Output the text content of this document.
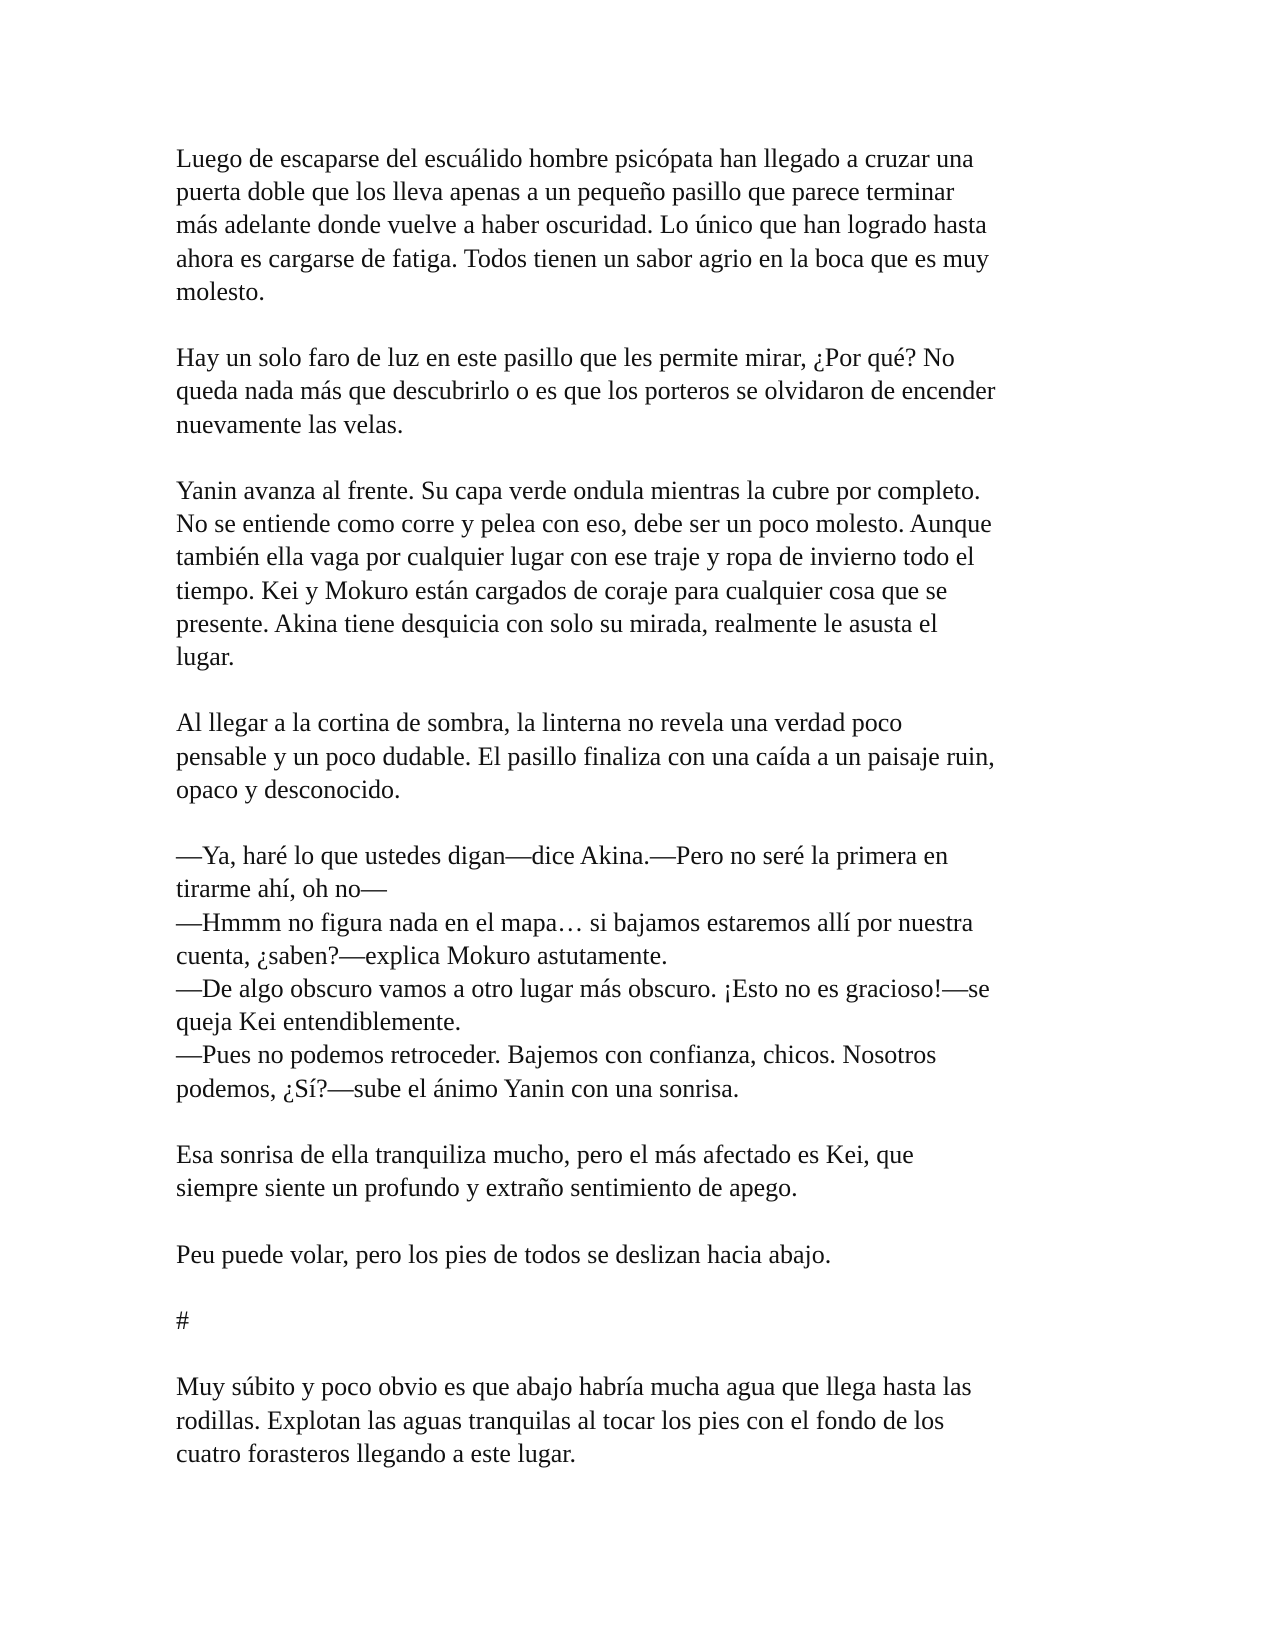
Luego de escaparse del escuálido hombre psicópata han llegado a cruzar una
puerta doble que los lleva apenas a un pequeño pasillo que parece terminar
más adelante donde vuelve a haber oscuridad. Lo único que han logrado hasta
ahora es cargarse de fatiga. Todos tienen un sabor agrio en la boca que es muy
molesto.
Hay un solo faro de luz en este pasillo que les permite mirar, ¿Por qué? No
queda nada más que descubrirlo o es que los porteros se olvidaron de encender
nuevamente las velas.
Yanin avanza al frente. Su capa verde ondula mientras la cubre por completo.
No se entiende como corre y pelea con eso, debe ser un poco molesto. Aunque
también ella vaga por cualquier lugar con ese traje y ropa de invierno todo el
tiempo. Kei y Mokuro están cargados de coraje para cualquier cosa que se
presente. Akina tiene desquicia con solo su mirada, realmente le asusta el
lugar.
Al llegar a la cortina de sombra, la linterna no revela una verdad poco
pensable y un poco dudable. El pasillo finaliza con una caída a un paisaje ruin,
opaco y desconocido.
—Ya, haré lo que ustedes digan—dice Akina.—Pero no seré la primera en
tirarme ahí, oh no—
—Hmmm no figura nada en el mapa… si bajamos estaremos allí por nuestra
cuenta, ¿saben?—explica Mokuro astutamente.
—De algo obscuro vamos a otro lugar más obscuro. ¡Esto no es gracioso!—se
queja Kei entendiblemente.
—Pues no podemos retroceder. Bajemos con confianza, chicos. Nosotros
podemos, ¿Sí?—sube el ánimo Yanin con una sonrisa.
Esa sonrisa de ella tranquiliza mucho, pero el más afectado es Kei, que
siempre siente un profundo y extraño sentimiento de apego.
Peu puede volar, pero los pies de todos se deslizan hacia abajo.
#
Muy súbito y poco obvio es que abajo habría mucha agua que llega hasta las
rodillas. Explotan las aguas tranquilas al tocar los pies con el fondo de los
cuatro forasteros llegando a este lugar.
